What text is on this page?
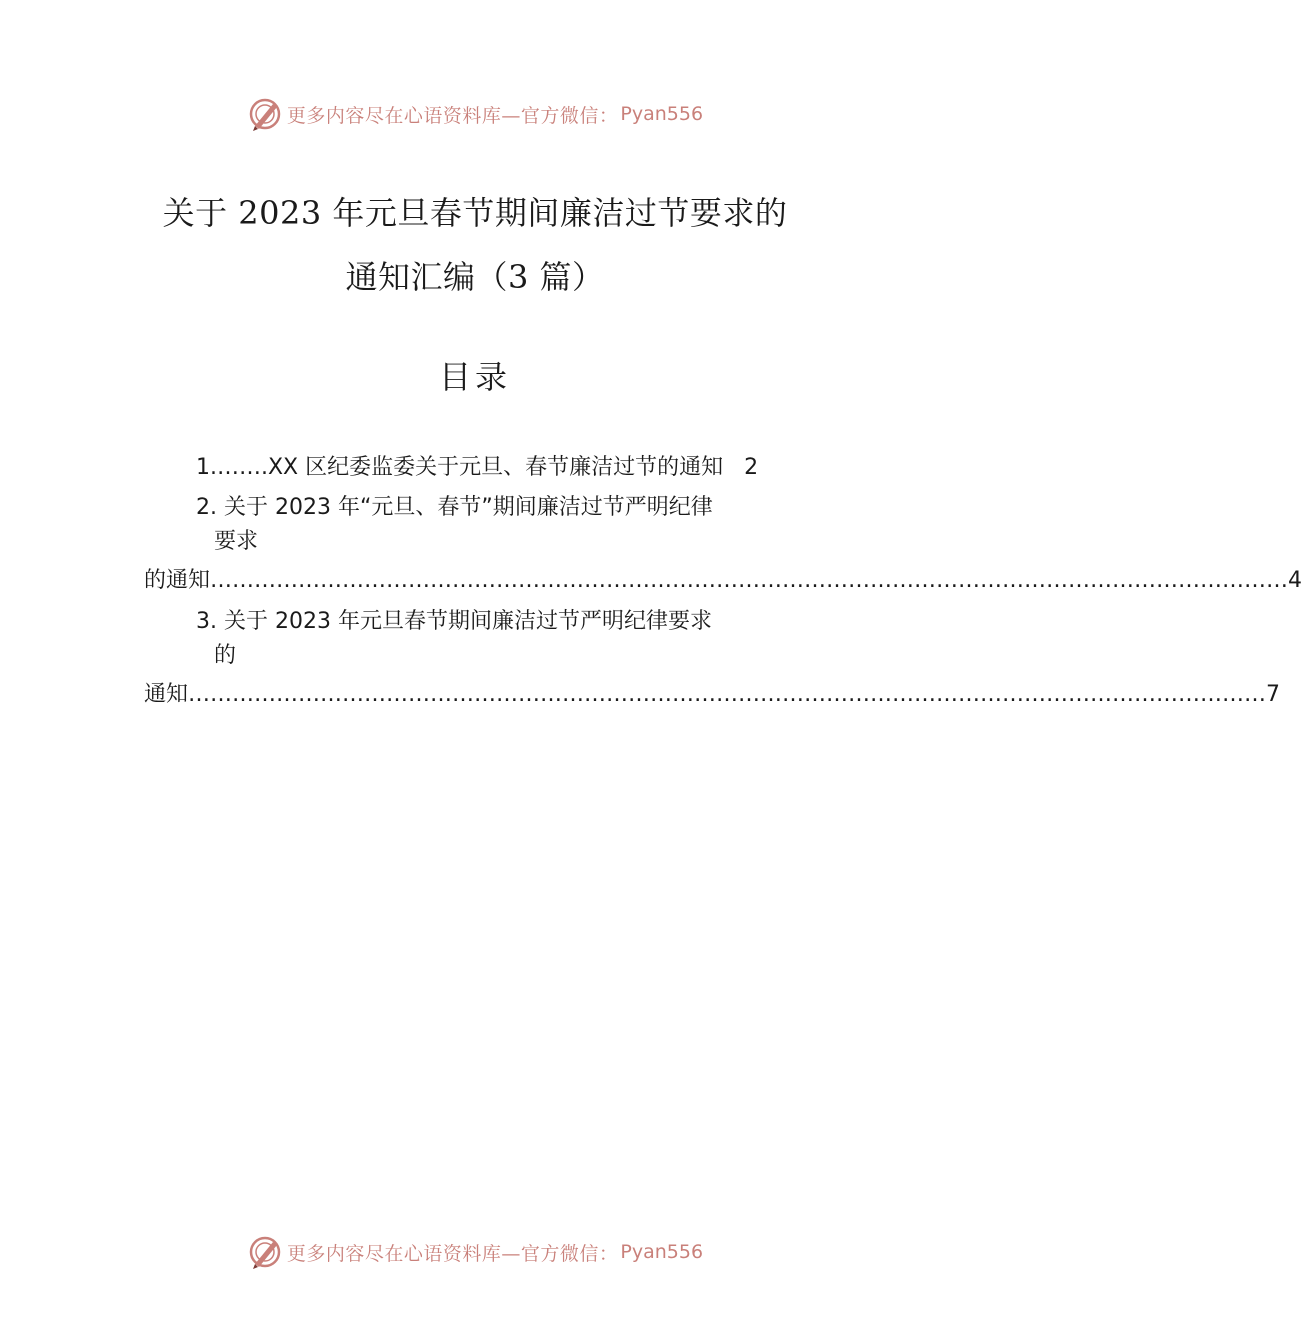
更多内容尽在心语资料库—官方微信： Pyan556
关于 2023 年元旦春节期间廉洁过节要求的
通知汇编（3 篇）
目录
1.…….XX 区纪委监委关于元旦、春节廉洁过节的通知 2
2. 关于 2023 年“元旦、春节”期间廉洁过节严明纪律
要求
的通知 ………………………………………………………………………………………………………………………………… 4
3. 关于 2023 年元旦春节期间廉洁过节严明纪律要求
的
通知 ………………………………………………………………………………………………………………………………… 7
更多内容尽在心语资料库—官方微信： Pyan556
